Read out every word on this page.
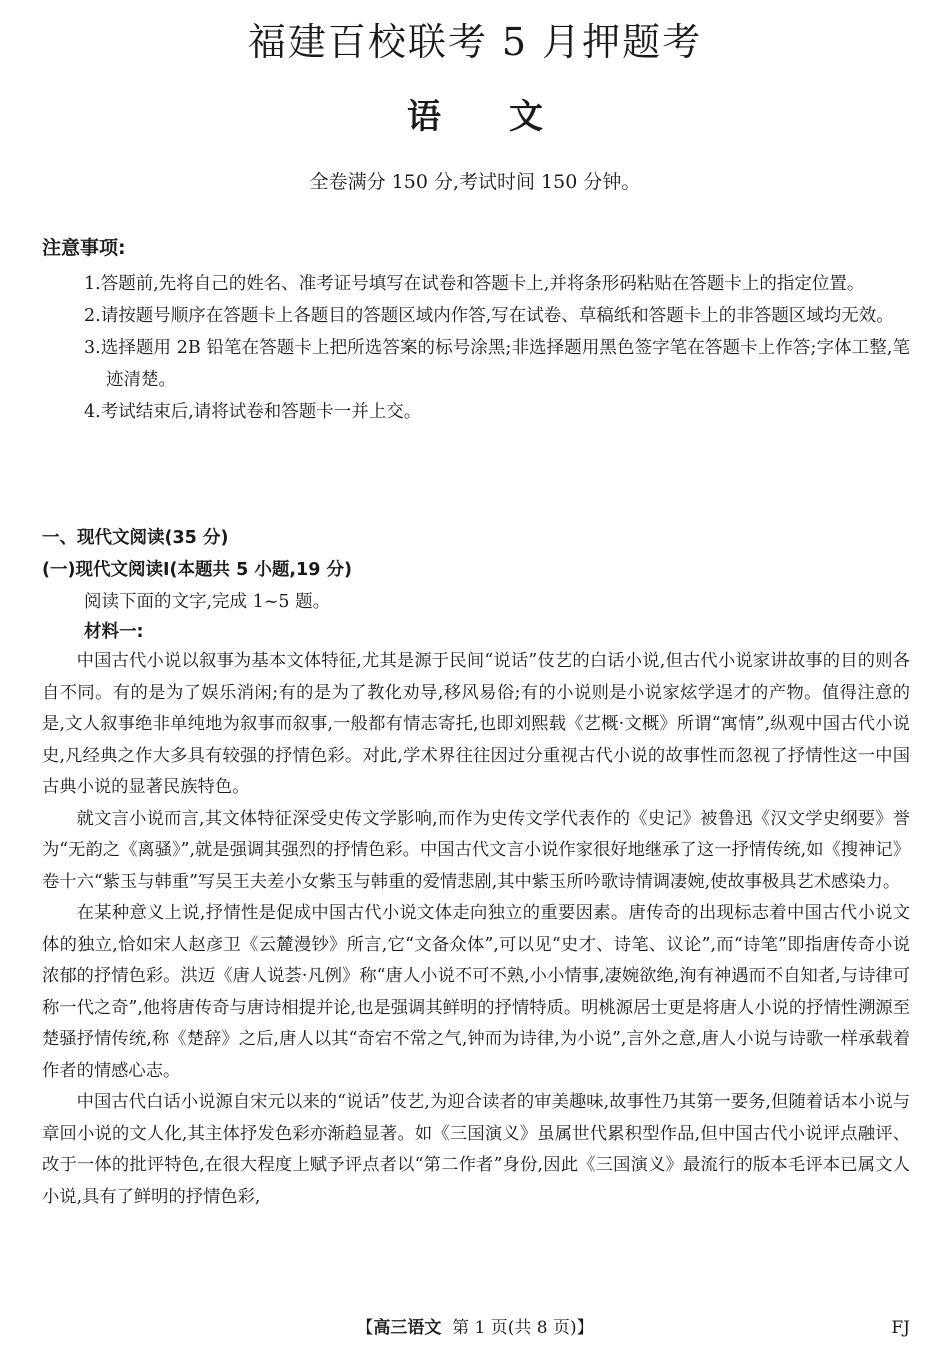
福建百校联考 5 月押题考
语 文
全卷满分 150 分,考试时间 150 分钟。
注意事项:
1.答题前,先将自己的姓名、准考证号填写在试卷和答题卡上,并将条形码粘贴在答题卡上的指定位置。
2.请按题号顺序在答题卡上各题目的答题区域内作答,写在试卷、草稿纸和答题卡上的非答题区域均无效。
3.选择题用 2B 铅笔在答题卡上把所选答案的标号涂黑;非选择题用黑色签字笔在答题卡上作答;字体工整,笔迹清楚。
4.考试结束后,请将试卷和答题卡一并上交。
一、现代文阅读(35 分)
(一)现代文阅读Ⅰ(本题共 5 小题,19 分)
阅读下面的文字,完成 1~5 题。
材料一:

中国古代小说以叙事为基本文体特征,尤其是源于民间“说话”伎艺的白话小说,但古代小说家讲故事的目的则各自不同。有的是为了娱乐消闲;有的是为了教化劝导,移风易俗;有的小说则是小说家炫学逞才的产物。值得注意的是,文人叙事绝非单纯地为叙事而叙事,一般都有情志寄托,也即刘熙载《艺概·文概》所谓“寓情”,纵观中国古代小说史,凡经典之作大多具有较强的抒情色彩。对此,学术界往往因过分重视古代小说的故事性而忽视了抒情性这一中国古典小说的显著民族特色。

就文言小说而言,其文体特征深受史传文学影响,而作为史传文学代表作的《史记》被鲁迅《汉文学史纲要》誉为“无韵之《离骚》”,就是强调其强烈的抒情色彩。中国古代文言小说作家很好地继承了这一抒情传统,如《搜神记》卷十六“紫玉与韩重”写吴王夫差小女紫玉与韩重的爱情悲剧,其中紫玉所吟歌诗情调凄婉,使故事极具艺术感染力。

在某种意义上说,抒情性是促成中国古代小说文体走向独立的重要因素。唐传奇的出现标志着中国古代小说文体的独立,恰如宋人赵彦卫《云麓漫钞》所言,它“文备众体”,可以见“史才、诗笔、议论”,而“诗笔”即指唐传奇小说浓郁的抒情色彩。洪迈《唐人说荟·凡例》称“唐人小说不可不熟,小小情事,凄婉欲绝,洵有神遇而不自知者,与诗律可称一代之奇”,他将唐传奇与唐诗相提并论,也是强调其鲜明的抒情特质。明桃源居士更是将唐人小说的抒情性溯源至楚骚抒情传统,称《楚辞》之后,唐人以其“奇宕不常之气,钟而为诗律,为小说”,言外之意,唐人小说与诗歌一样承载着作者的情感心志。

中国古代白话小说源自宋元以来的“说话”伎艺,为迎合读者的审美趣味,故事性乃其第一要务,但随着话本小说与章回小说的文人化,其主体抒发色彩亦渐趋显著。如《三国演义》虽属世代累积型作品,但中国古代小说评点融评、改于一体的批评特色,在很大程度上赋予评点者以“第二作者”身份,因此《三国演义》最流行的版本毛评本已属文人小说,具有了鲜明的抒情色彩,

【高三语文 第 1 页(共 8 页)】	FJ
